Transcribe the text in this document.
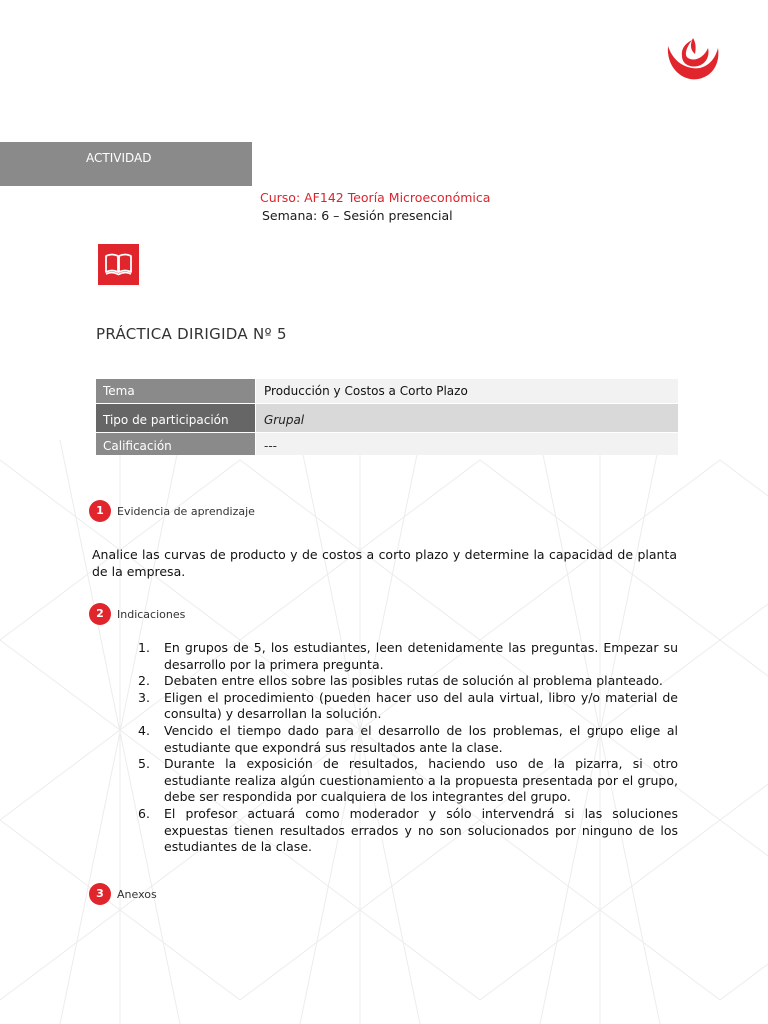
ACTIVIDAD
Curso: AF142 Teoría Microeconómica
Semana: 6 – Sesión presencial
PRÁCTICA DIRIGIDA Nº 5
Tema	Producción y Costos a Corto Plazo
Tipo de participación	Grupal
Calificación	---
1	Evidencia de aprendizaje
Analice las curvas de producto y de costos a corto plazo y determine la capacidad de planta de la empresa.
2	Indicaciones
1. En grupos de 5, los estudiantes, leen detenidamente las preguntas. Empezar su desarrollo por la primera pregunta.
2. Debaten entre ellos sobre las posibles rutas de solución al problema planteado.
3. Eligen el procedimiento (pueden hacer uso del aula virtual, libro y/o material de consulta) y desarrollan la solución.
4. Vencido el tiempo dado para el desarrollo de los problemas, el grupo elige al estudiante que expondrá sus resultados ante la clase.
5. Durante la exposición de resultados, haciendo uso de la pizarra, si otro estudiante realiza algún cuestionamiento a la propuesta presentada por el grupo, debe ser respondida por cualquiera de los integrantes del grupo.
6. El profesor actuará como moderador y sólo intervendrá si las soluciones expuestas tienen resultados errados y no son solucionados por ninguno de los estudiantes de la clase.
3	Anexos
